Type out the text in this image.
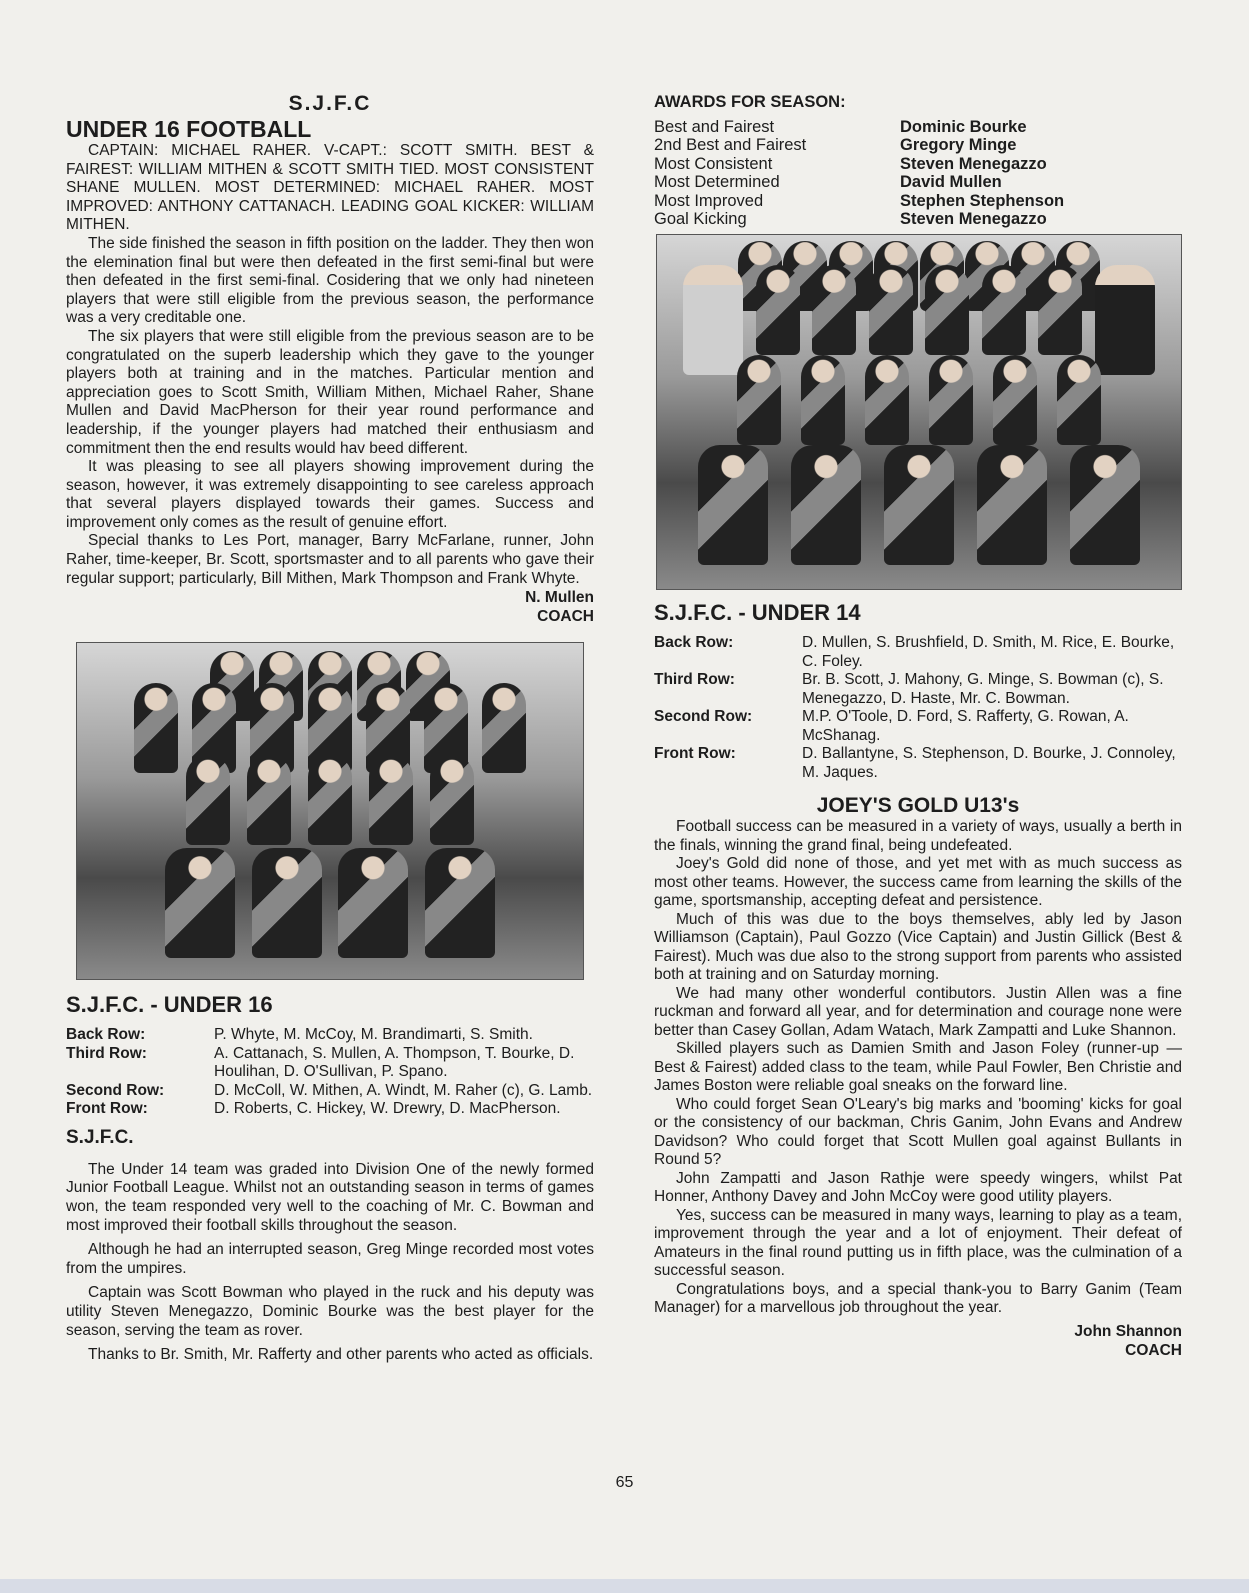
S.J.F.C

UNDER 16 FOOTBALL

CAPTAIN: MICHAEL RAHER. V-CAPT.: SCOTT SMITH. BEST & FAIREST: WILLIAM MITHEN & SCOTT SMITH TIED. MOST CONSISTENT SHANE MULLEN. MOST DETERMINED: MICHAEL RAHER. MOST IMPROVED: ANTHONY CATTANACH. LEADING GOAL KICKER: WILLIAM MITHEN.

The side finished the season in fifth position on the ladder. They then won the elemination final but were then defeated in the first semi-final but were then defeated in the first semi-final. Cosidering that we only had nineteen players that were still eligible from the previous season, the performance was a very creditable one.

The six players that were still eligible from the previous season are to be congratulated on the superb leadership which they gave to the younger players both at training and in the matches. Particular mention and appreciation goes to Scott Smith, William Mithen, Michael Raher, Shane Mullen and David MacPherson for their year round performance and leadership, if the younger players had matched their enthusiasm and commitment then the end results would hav beed different.

It was pleasing to see all players showing improvement during the season, however, it was extremely disappointing to see careless approach that several players displayed towards their games. Success and improvement only comes as the result of genuine effort.

Special thanks to Les Port, manager, Barry McFarlane, runner, John Raher, time-keeper, Br. Scott, sportsmaster and to all parents who gave their regular support; particularly, Bill Mithen, Mark Thompson and Frank Whyte.

N. Mullen

COACH

S.J.F.C. - UNDER 16

Back Row:	P. Whyte, M. McCoy, M. Brandimarti, S. Smith.
Third Row:	A. Cattanach, S. Mullen, A. Thompson, T. Bourke, D. Houlihan, D. O'Sullivan, P. Spano.
Second Row:	D. McColl, W. Mithen, A. Windt, M. Raher (c), G. Lamb.
Front Row:	D. Roberts, C. Hickey, W. Drewry, D. MacPherson.

S.J.F.C.

The Under 14 team was graded into Division One of the newly formed Junior Football League. Whilst not an outstanding season in terms of games won, the team responded very well to the coaching of Mr. C. Bowman and most improved their football skills throughout the season.

Although he had an interrupted season, Greg Minge recorded most votes from the umpires.

Captain was Scott Bowman who played in the ruck and his deputy was utility Steven Menegazzo, Dominic Bourke was the best player for the season, serving the team as rover.

Thanks to Br. Smith, Mr. Rafferty and other parents who acted as officials.

AWARDS FOR SEASON:

Best and Fairest	Dominic Bourke
2nd Best and Fairest	Gregory Minge
Most Consistent	Steven Menegazzo
Most Determined	David Mullen
Most Improved	Stephen Stephenson
Goal Kicking	Steven Menegazzo

S.J.F.C. - UNDER 14

Back Row:	D. Mullen, S. Brushfield, D. Smith, M. Rice, E. Bourke, C. Foley.
Third Row:	Br. B. Scott, J. Mahony, G. Minge, S. Bowman (c), S. Menegazzo, D. Haste, Mr. C. Bowman.
Second Row:	M.P. O'Toole, D. Ford, S. Rafferty, G. Rowan, A. McShanag.
Front Row:	D. Ballantyne, S. Stephenson, D. Bourke, J. Connoley, M. Jaques.

JOEY'S GOLD U13's

Football success can be measured in a variety of ways, usually a berth in the finals, winning the grand final, being undefeated.

Joey's Gold did none of those, and yet met with as much success as most other teams. However, the success came from learning the skills of the game, sportsmanship, accepting defeat and persistence.

Much of this was due to the boys themselves, ably led by Jason Williamson (Captain), Paul Gozzo (Vice Captain) and Justin Gillick (Best & Fairest). Much was due also to the strong support from parents who assisted both at training and on Saturday morning.

We had many other wonderful contibutors. Justin Allen was a fine ruckman and forward all year, and for determination and courage none were better than Casey Gollan, Adam Watach, Mark Zampatti and Luke Shannon.

Skilled players such as Damien Smith and Jason Foley (runner-up — Best & Fairest) added class to the team, while Paul Fowler, Ben Christie and James Boston were reliable goal sneaks on the forward line.

Who could forget Sean O'Leary's big marks and 'booming' kicks for goal or the consistency of our backman, Chris Ganim, John Evans and Andrew Davidson? Who could forget that Scott Mullen goal against Bullants in Round 5?

John Zampatti and Jason Rathje were speedy wingers, whilst Pat Honner, Anthony Davey and John McCoy were good utility players.

Yes, success can be measured in many ways, learning to play as a team, improvement through the year and a lot of enjoyment. Their defeat of Amateurs in the final round putting us in fifth place, was the culmination of a successful season.

Congratulations boys, and a special thank-you to Barry Ganim (Team Manager) for a marvellous job throughout the year.

John Shannon

COACH

65
